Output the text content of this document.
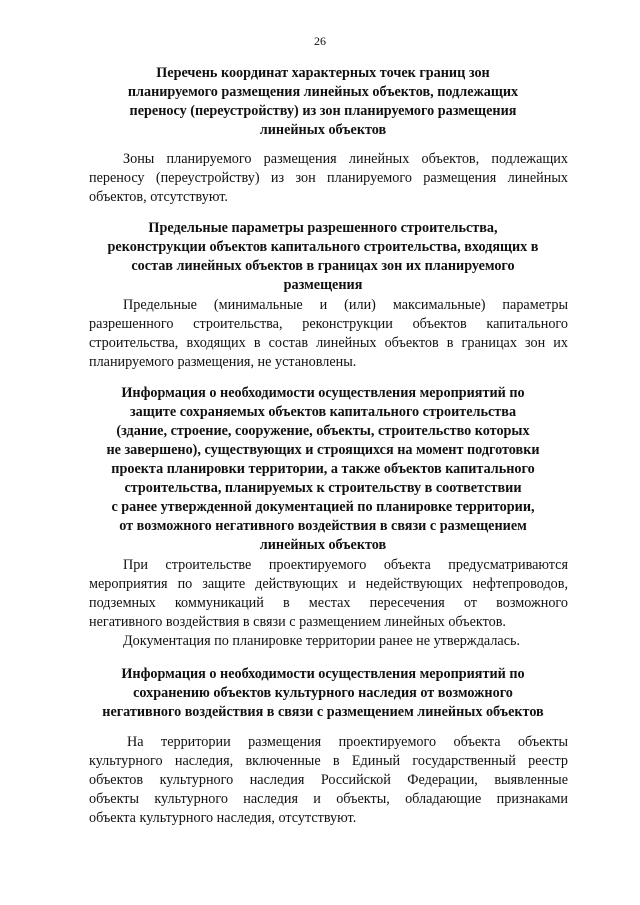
26
Перечень координат характерных точек границ зон
планируемого размещения линейных объектов, подлежащих
переносу (переустройству) из зон планируемого размещения
линейных объектов
Зоны планируемого размещения линейных объектов, подлежащих
переносу (переустройству) из зон планируемого размещения линейных
объектов, отсутствуют.
Предельные параметры разрешенного строительства,
реконструкции объектов капитального строительства, входящих в
состав линейных объектов в границах зон их планируемого
размещения
Предельные (минимальные и (или) максимальные) параметры
разрешенного строительства, реконструкции объектов капитального
строительства, входящих в состав линейных объектов в границах зон их
планируемого размещения, не установлены.
Информация о необходимости осуществления мероприятий по
защите сохраняемых объектов капитального строительства
(здание, строение, сооружение, объекты, строительство которых
не завершено), существующих и строящихся на момент подготовки
проекта планировки территории, а также объектов капитального
строительства, планируемых к строительству в соответствии
с ранее утвержденной документацией по планировке территории,
от возможного негативного воздействия в связи с размещением
линейных объектов
При строительстве проектируемого объекта предусматриваются
мероприятия по защите действующих и недействующих нефтепроводов,
подземных коммуникаций в местах пересечения от возможного
негативного воздействия в связи с размещением линейных объектов.
Документация по планировке территории ранее не утверждалась.
Информация о необходимости осуществления мероприятий по
сохранению объектов культурного наследия от возможного
негативного воздействия в связи с размещением линейных объектов
На территории размещения проектируемого объекта объекты
культурного наследия, включенные в Единый государственный реестр
объектов культурного наследия Российской Федерации, выявленные
объекты культурного наследия и объекты, обладающие признаками
объекта культурного наследия, отсутствуют.
